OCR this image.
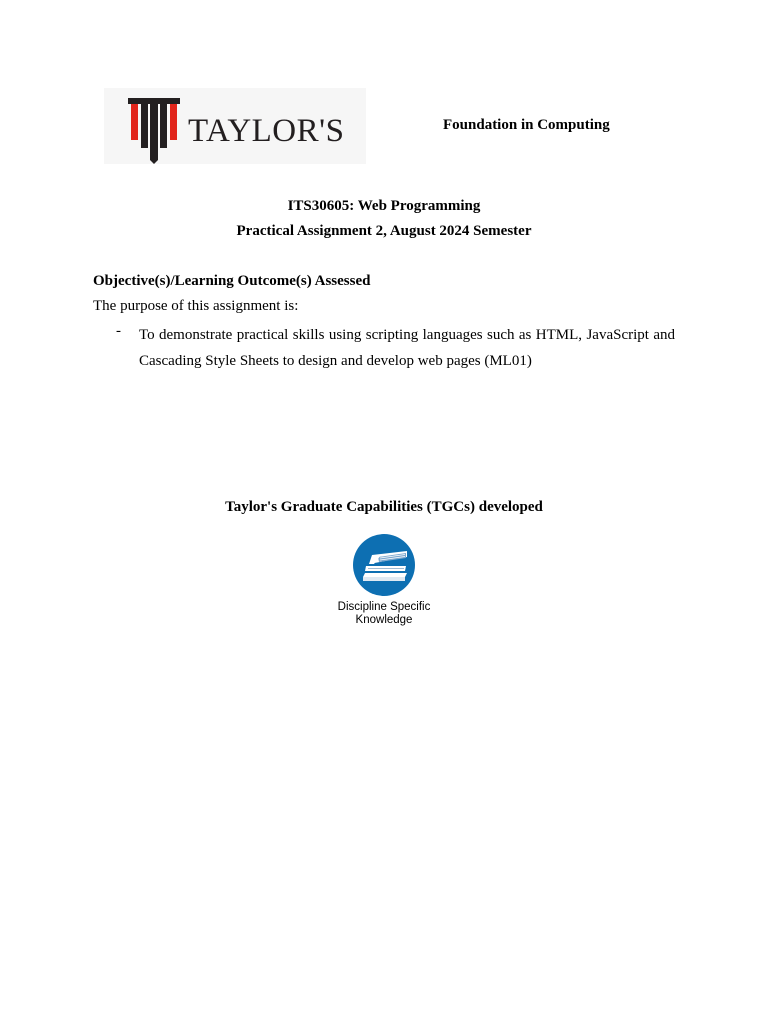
TAYLOR'S	Foundation in Computing
ITS30605: Web Programming
Practical Assignment 2, August 2024 Semester
Objective(s)/Learning Outcome(s) Assessed
The purpose of this assignment is:
- To demonstrate practical skills using scripting languages such as HTML, JavaScript and Cascading Style Sheets to design and develop web pages (ML01)
Taylor's Graduate Capabilities (TGCs) developed
Discipline Specific
Knowledge
